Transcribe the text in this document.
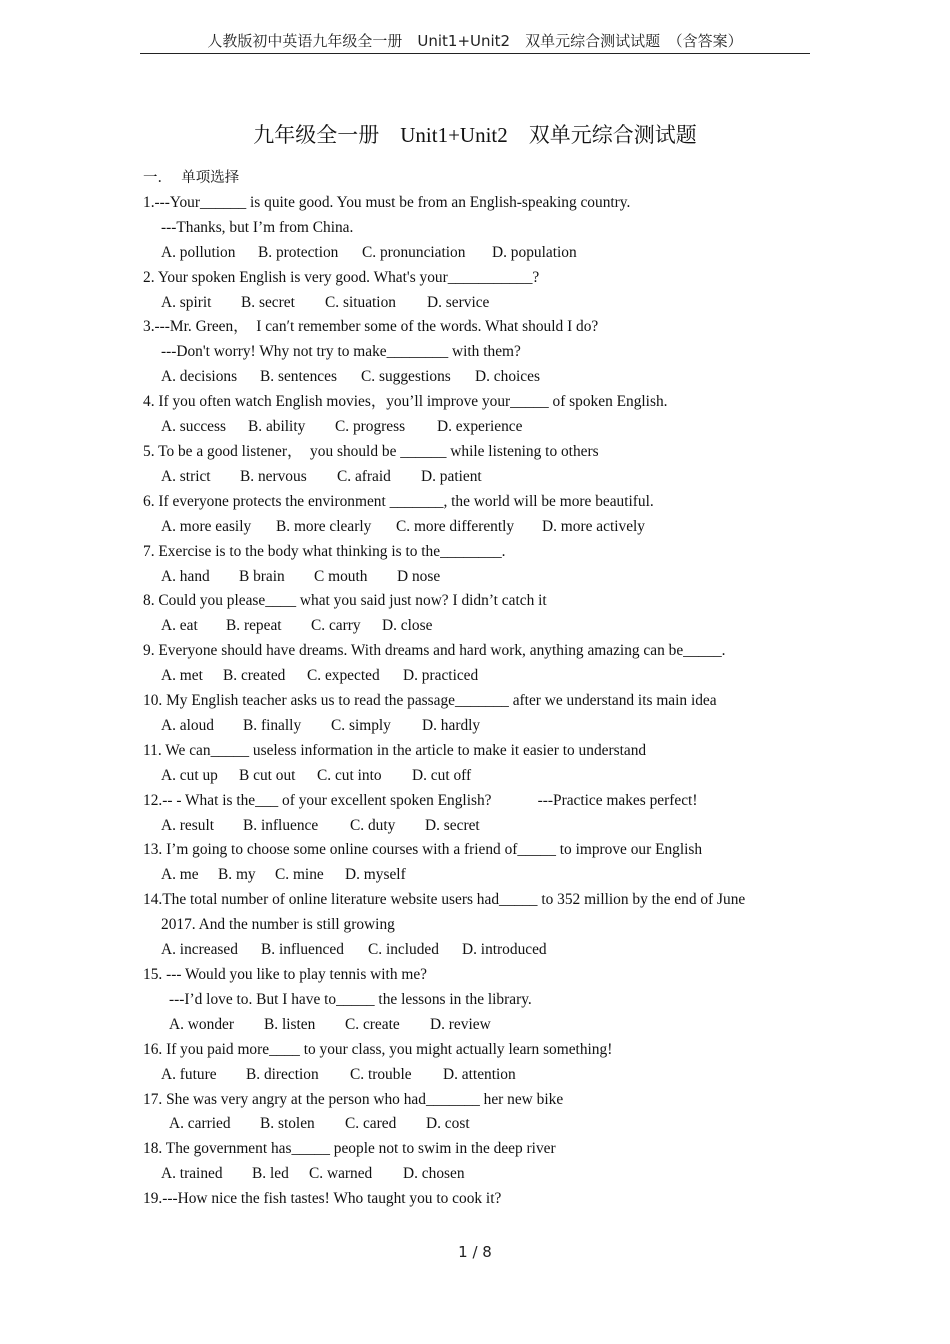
人教版初中英语九年级全一册　Unit1+Unit2　双单元综合测试试题　（含答案）
九年级全一册　Unit1+Unit2　双单元综合测试题
一．  单项选择
1.---Your______ is quite good. You must be from an English-speaking country.
---Thanks, but I’m from China.
A. pollution B. protection C. pronunciation D. population
2. Your spoken English is very good. What's your___________?
A. spirit B. secret C. situation D. service
3.---Mr. Green，  I can′t remember some of the words. What should I do?
---Don't worry! Why not try to make________ with them?
A. decisions B. sentences C. suggestions D. choices
4. If you often watch English movies，you’ll improve your_____ of spoken English.
A. success B. ability C. progress D. experience
5. To be a good listener，  you should be ______ while listening to others
A. strict B. nervous C. afraid D. patient
6. If everyone protects the environment _______, the world will be more beautiful.
A. more easily B. more clearly C. more differently D. more actively
7. Exercise is to the body what thinking is to the________.
A. hand B brain C mouth D nose
8. Could you please____ what you said just now? I didn’t catch it
A. eat B. repeat C. carry D. close
9. Everyone should have dreams. With dreams and hard work, anything amazing can be_____.
A. met B. created C. expected D. practiced
10. My English teacher asks us to read the passage_______ after we understand its main idea
A. aloud B. finally C. simply D. hardly
11. We can_____ useless information in the article to make it easier to understand
A. cut up B cut out C. cut into D. cut off
12.-- - What is the___ of your excellent spoken English?            ---Practice makes perfect!
A. result B. influence C. duty D. secret
13. I’m going to choose some online courses with a friend of_____ to improve our English
A. me B. my C. mine D. myself
14.The total number of online literature website users had_____ to 352 million by the end of June
2017. And the number is still growing
A. increased B. influenced C. included D. introduced
15. --- Would you like to play tennis with me?
---I’d love to. But I have to_____ the lessons in the library.
A. wonder B. listen C. create D. review
16. If you paid more____ to your class, you might actually learn something!
A. future B. direction C. trouble D. attention
17. She was very angry at the person who had_______ her new bike
A. carried B. stolen C. cared D. cost
18. The government has_____ people not to swim in the deep river
A. trained B. led C. warned D. chosen
19.---How nice the fish tastes! Who taught you to cook it?
1 / 8
